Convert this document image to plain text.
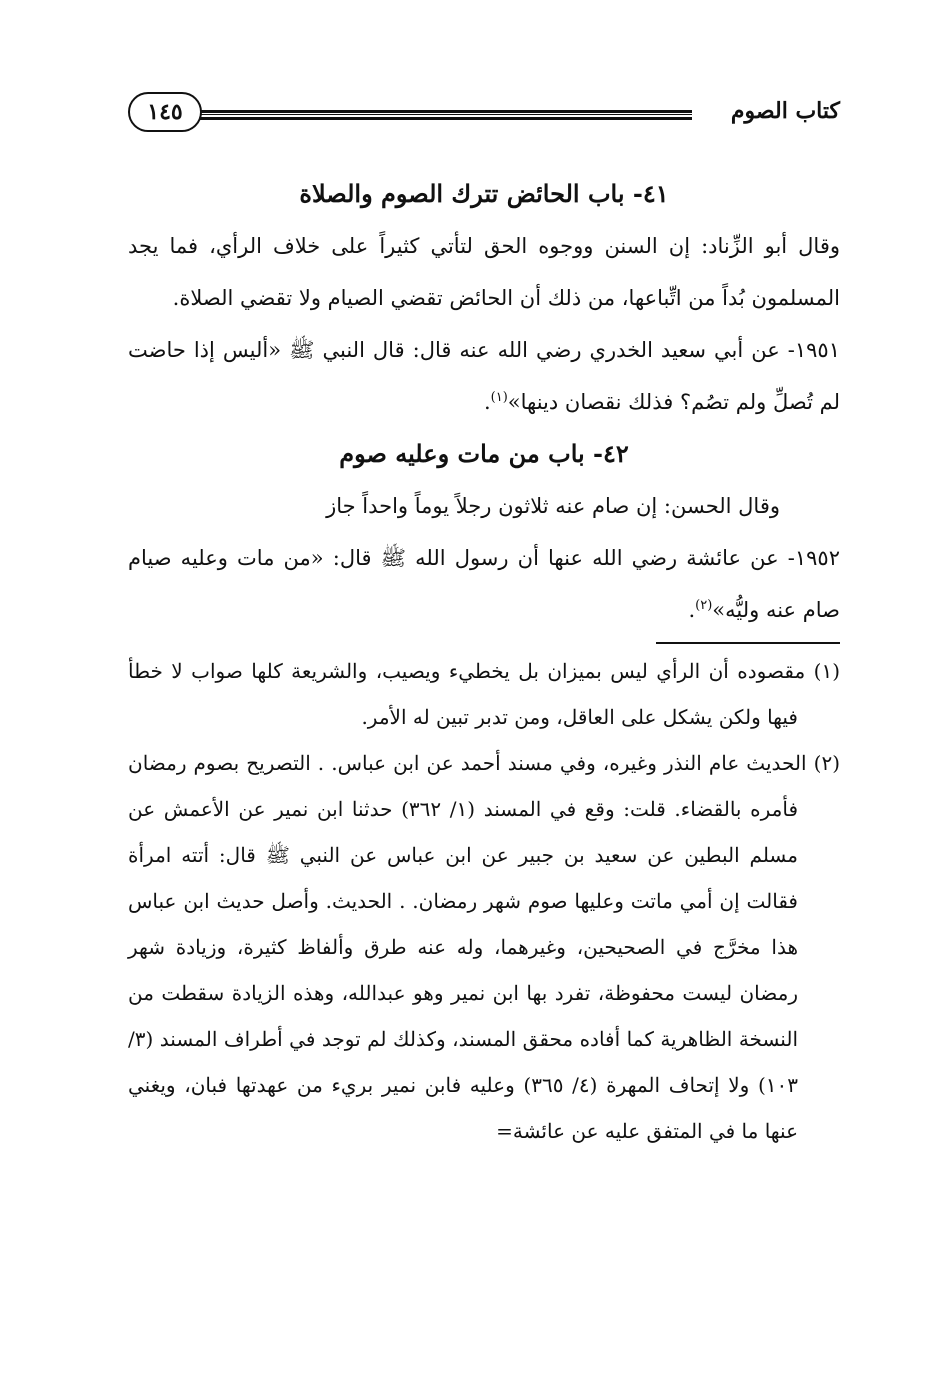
كتاب الصوم
١٤٥
٤١- باب الحائض تترك الصوم والصلاة

وقال أبو الزِّناد: إن السنن ووجوه الحق لتأتي كثيراً على خلاف الرأي، فما يجد المسلمون بُداً من اتِّباعها، من ذلك أن الحائض تقضي الصيام ولا تقضي الصلاة.

١٩٥١- عن أبي سعيد الخدري رضي الله عنه قال: قال النبي ﷺ «أليس إذا حاضت لم تُصلِّ ولم تصُم؟ فذلك نقصان دينها»$^{(١)}$.

٤٢- باب من مات وعليه صوم

وقال الحسن: إن صام عنه ثلاثون رجلاً يوماً واحداً جاز

١٩٥٢- عن عائشة رضي الله عنها أن رسول الله ﷺ قال: «من مات وعليه صيام صام عنه وليُّه»$^{(٢)}$.

(١) مقصوده أن الرأي ليس بميزان بل يخطيء ويصيب، والشريعة كلها صواب لا خطأ فيها ولكن يشكل على العاقل، ومن تدبر تبين له الأمر.

(٢) الحديث عام النذر وغيره، وفي مسند أحمد عن ابن عباس. . التصريح بصوم رمضان فأمره بالقضاء. قلت: وقع في المسند (١/ ٣٦٢) حدثنا ابن نمير عن الأعمش عن مسلم البطين عن سعيد بن جبير عن ابن عباس عن النبي ﷺ قال: أتته امرأة فقالت إن أمي ماتت وعليها صوم شهر رمضان. . الحديث. وأصل حديث ابن عباس هذا مخرَّج في الصحيحين، وغيرهما، وله عنه طرق وألفاظ كثيرة، وزيادة شهر رمضان ليست محفوظة، تفرد بها ابن نمير وهو عبدالله، وهذه الزيادة سقطت من النسخة الظاهرية كما أفاده محقق المسند، وكذلك لم توجد في أطراف المسند (٣/ ١٠٣) ولا إتحاف المهرة (٤/ ٣٦٥) وعليه فابن نمير بريء من عهدتها فبان، ويغني عنها ما في المتفق عليه عن عائشة=
